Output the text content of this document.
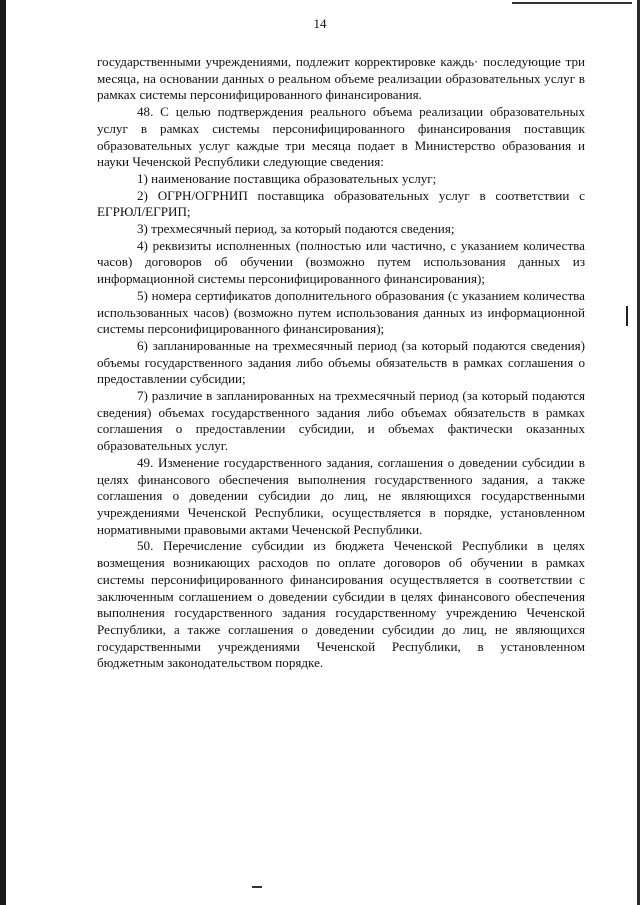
14

государственными учреждениями, подлежит корректировке каждь· последующие три месяца, на основании данных о реальном объеме реализации образовательных услуг в рамках системы персонифицированного финансирования.

48. С целью подтверждения реального объема реализации образовательных услуг в рамках системы персонифицированного финансирования поставщик образовательных услуг каждые три месяца подает в Министерство образования и науки Чеченской Республики следующие сведения:

1) наименование поставщика образовательных услуг;

2) ОГРН/ОГРНИП поставщика образовательных услуг в соответствии с ЕГРЮЛ/ЕГРИП;

3) трехмесячный период, за который подаются сведения;

4) реквизиты исполненных (полностью или частично, с указанием количества часов) договоров об обучении (возможно путем использования данных из информационной системы персонифицированного финансирования);

5) номера сертификатов дополнительного образования (с указанием количества использованных часов) (возможно путем использования данных из информационной системы персонифицированного финансирования);

6) запланированные на трехмесячный период (за который подаются сведения) объемы государственного задания либо объемы обязательств в рамках соглашения о предоставлении субсидии;

7) различие в запланированных на трехмесячный период (за который подаются сведения) объемах государственного задания либо объемах обязательств в рамках соглашения о предоставлении субсидии, и объемах фактически оказанных образовательных услуг.

49. Изменение государственного задания, соглашения о доведении субсидии в целях финансового обеспечения выполнения государственного задания, а также соглашения о доведении субсидии до лиц, не являющихся государственными учреждениями Чеченской Республики, осуществляется в порядке, установленном нормативными правовыми актами Чеченской Республики.

50. Перечисление субсидии из бюджета Чеченской Республики в целях возмещения возникающих расходов по оплате договоров об обучении в рамках системы персонифицированного финансирования осуществляется в соответствии с заключенным соглашением о доведении субсидии в целях финансового обеспечения выполнения государственного задания государственному учреждению Чеченской Республики, а также соглашения о доведении субсидии до лиц, не являющихся государственными учреждениями Чеченской Республики, в установленном бюджетным законодательством порядке.
